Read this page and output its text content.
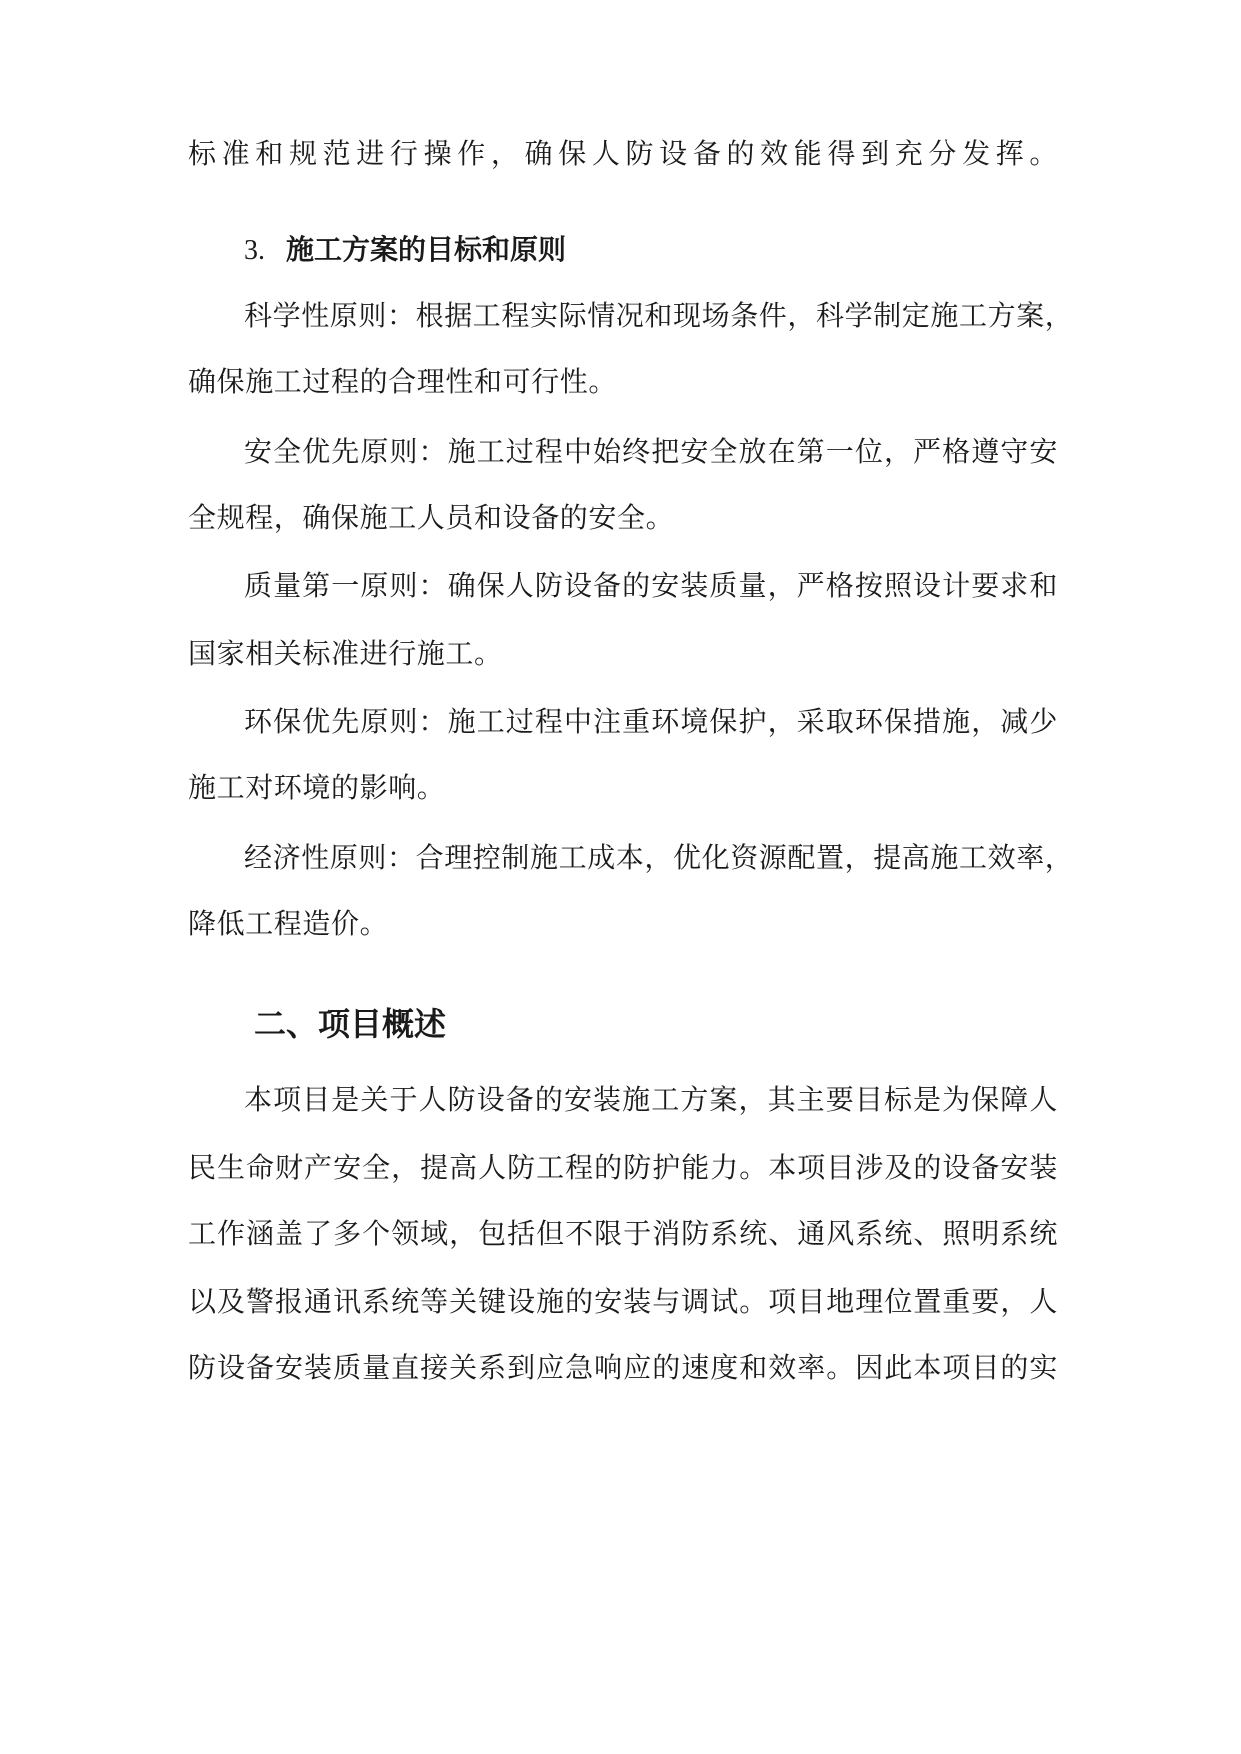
标准和规范进行操作，确保人防设备的效能得到充分发挥。
3. 施工方案的目标和原则
科学性原则：根据工程实际情况和现场条件，科学制定施工方案，
确保施工过程的合理性和可行性。
安全优先原则：施工过程中始终把安全放在第一位，严格遵守安
全规程，确保施工人员和设备的安全。
质量第一原则：确保人防设备的安装质量，严格按照设计要求和
国家相关标准进行施工。
环保优先原则：施工过程中注重环境保护，采取环保措施，减少
施工对环境的影响。
经济性原则：合理控制施工成本，优化资源配置，提高施工效率，
降低工程造价。
二、项目概述
本项目是关于人防设备的安装施工方案，其主要目标是为保障人
民生命财产安全，提高人防工程的防护能力。本项目涉及的设备安装
工作涵盖了多个领域，包括但不限于消防系统、通风系统、照明系统
以及警报通讯系统等关键设施的安装与调试。项目地理位置重要，人
防设备安装质量直接关系到应急响应的速度和效率。因此本项目的实
